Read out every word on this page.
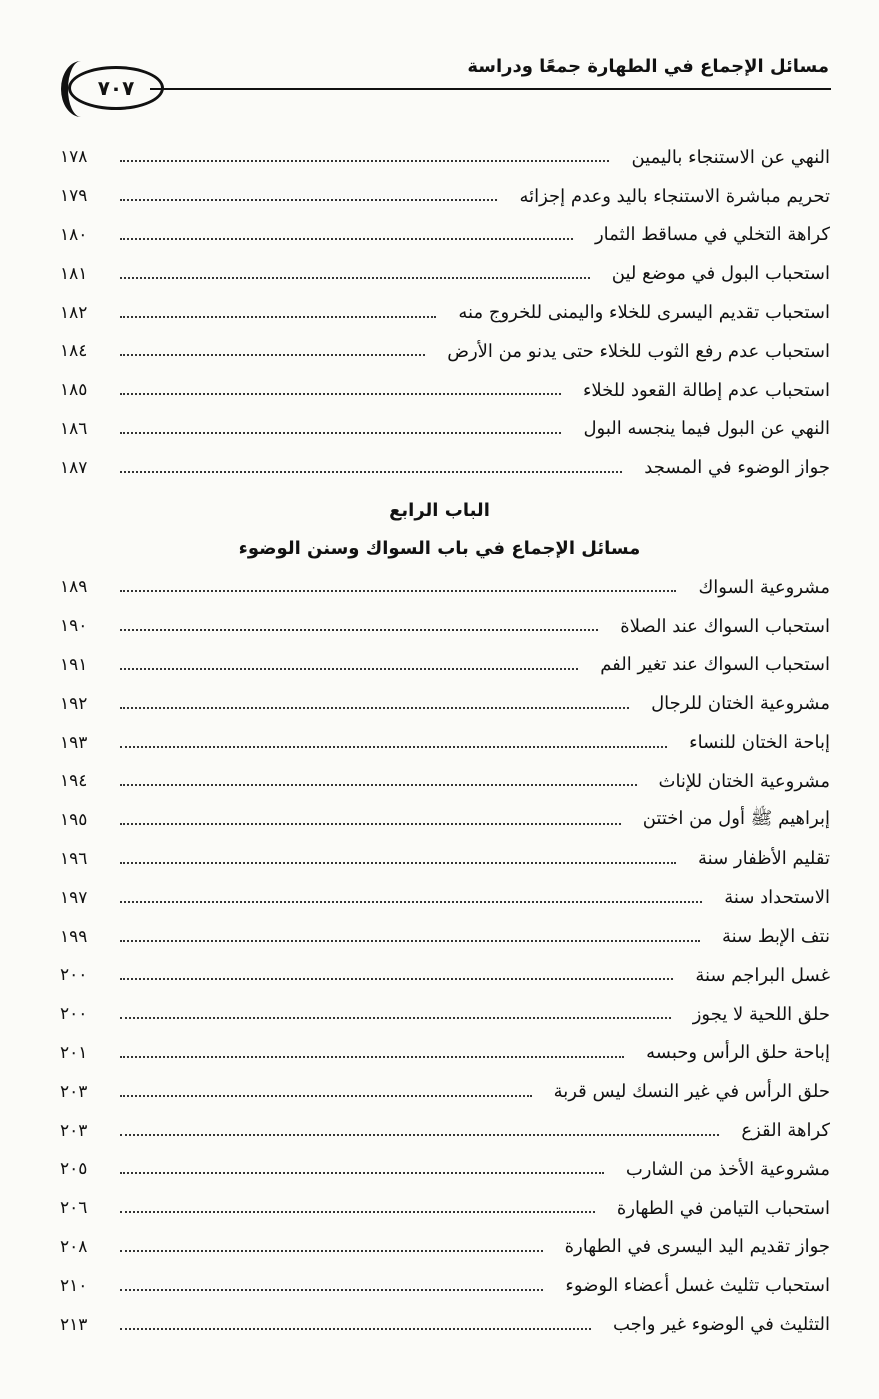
مسائل الإجماع في الطهارة جمعًا ودراسة
٧٠٧
النهي عن الاستنجاء باليمين
١٧٨
تحريم مباشرة الاستنجاء باليد وعدم إجزائه
١٧٩
كراهة التخلي في مساقط الثمار
١٨٠
استحباب البول في موضع لين
١٨١
استحباب تقديم اليسرى للخلاء واليمنى للخروج منه
١٨٢
استحباب عدم رفع الثوب للخلاء حتى يدنو من الأرض
١٨٤
استحباب عدم إطالة القعود للخلاء
١٨٥
النهي عن البول فيما ينجسه البول
١٨٦
جواز الوضوء في المسجد
١٨٧
الباب الرابع
مسائل الإجماع في باب السواك وسنن الوضوء
مشروعية السواك
١٨٩
استحباب السواك عند الصلاة
١٩٠
استحباب السواك عند تغير الفم
١٩١
مشروعية الختان للرجال
١٩٢
إباحة الختان للنساء
١٩٣
مشروعية الختان للإناث
١٩٤
إبراهيم ﷺ أول من اختتن
١٩٥
تقليم الأظفار سنة
١٩٦
الاستحداد سنة
١٩٧
نتف الإبط سنة
١٩٩
غسل البراجم سنة
٢٠٠
حلق اللحية لا يجوز
٢٠٠
إباحة حلق الرأس وحبسه
٢٠١
حلق الرأس في غير النسك ليس قربة
٢٠٣
كراهة القزع
٢٠٣
مشروعية الأخذ من الشارب
٢٠٥
استحباب التيامن في الطهارة
٢٠٦
جواز تقديم اليد اليسرى في الطهارة
٢٠٨
استحباب تثليث غسل أعضاء الوضوء
٢١٠
التثليث في الوضوء غير واجب
٢١٣
